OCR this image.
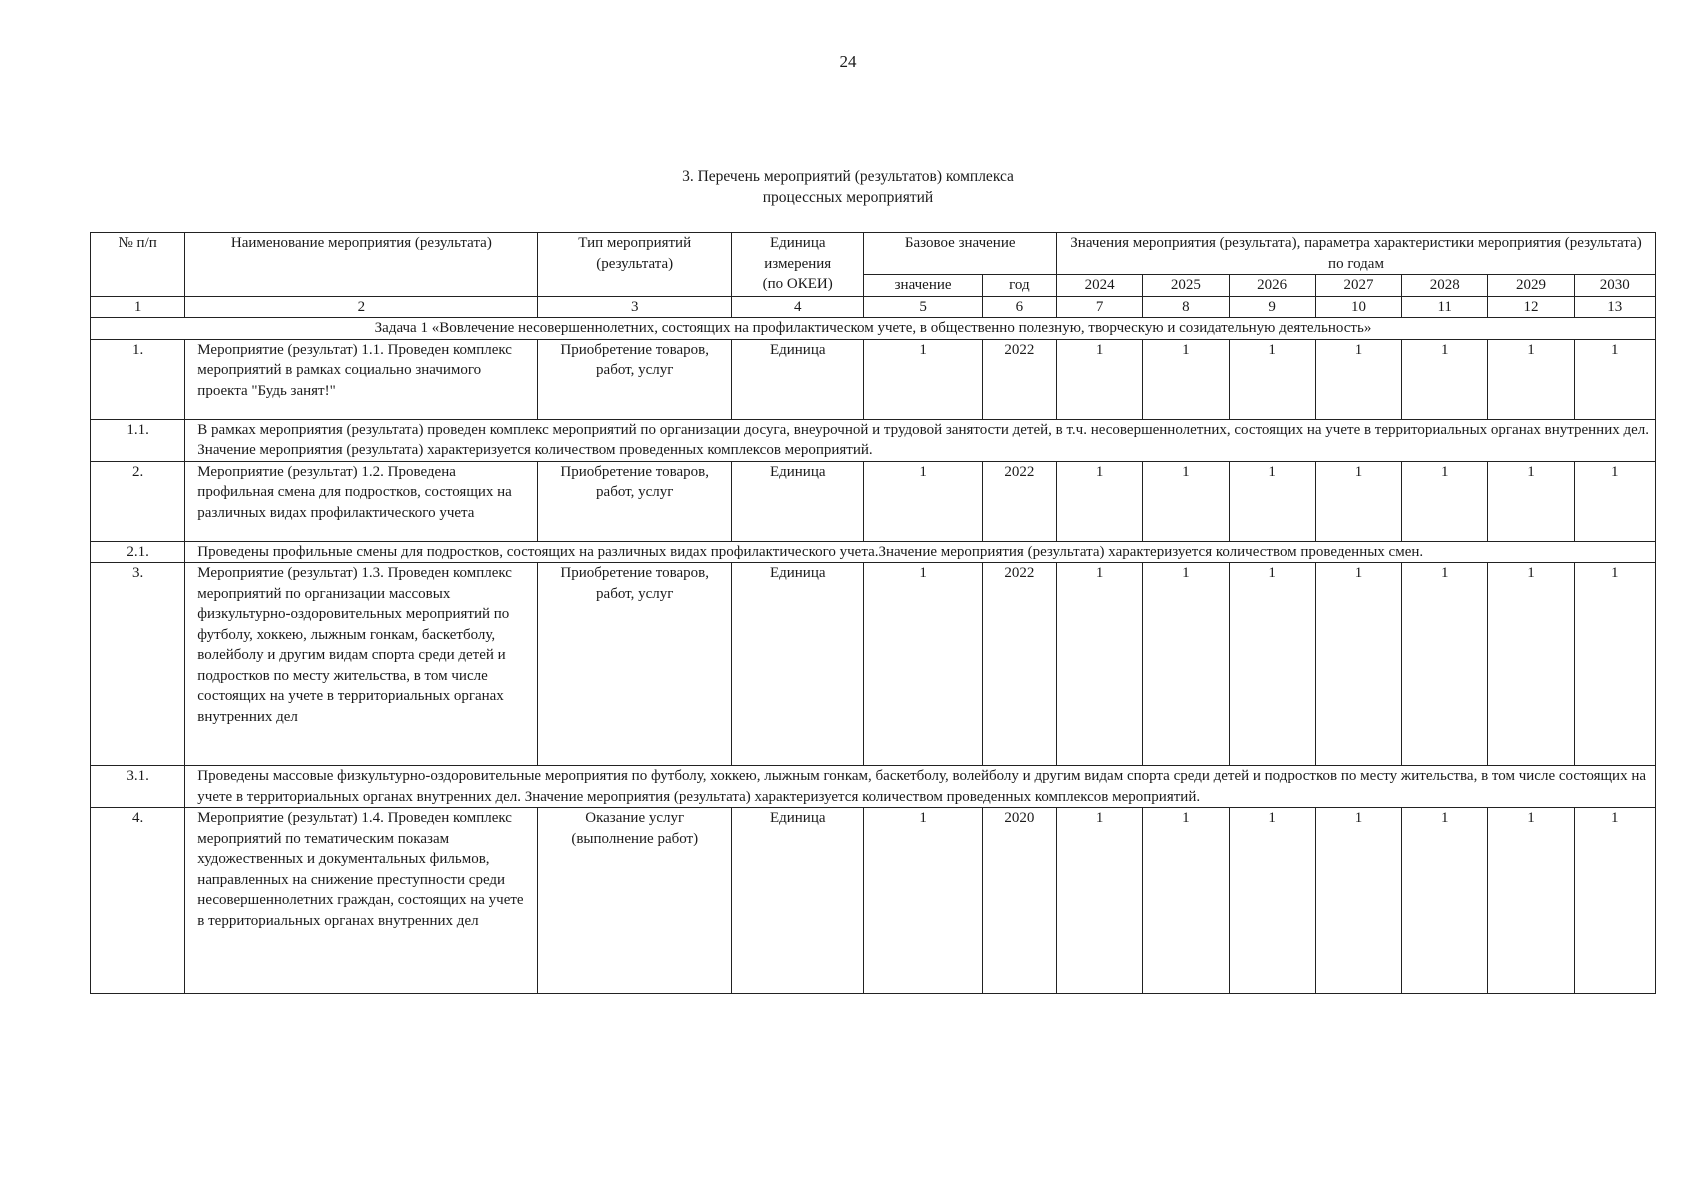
24
3. Перечень мероприятий (результатов) комплекса
процессных мероприятий
№ п/п	Наименование мероприятия (результата)	Тип мероприятий (результата)	Единица
измерения
(по ОКЕИ)	Базовое значение		Значения мероприятия (результата), параметра характеристики мероприятия (результата) по годам						
				значение	год	2024	2025	2026	2027	2028	2029	2030
1	2	3	4	5	6	7	8	9	10	11	12	13
Задача 1 «Вовлечение несовершеннолетних, состоящих на профилактическом учете, в общественно полезную, творческую и созидательную деятельность»												
1.	Мероприятие (результат) 1.1. Проведен комплекс мероприятий в рамках социально значимого проекта "Будь занят!"	Приобретение товаров, работ, услуг	Единица	1	2022	1	1	1	1	1	1	1
1.1.	В рамках мероприятия (результата) проведен комплекс мероприятий по организации досуга, внеурочной и трудовой занятости детей, в т.ч. несовершеннолетних, состоящих на учете в территориальных органах внутренних дел. Значение мероприятия (результата) характеризуется количеством проведенных комплексов мероприятий.											
2.	Мероприятие (результат) 1.2. Проведена профильная смена для подростков, состоящих на различных видах профилактического учета	Приобретение товаров, работ, услуг	Единица	1	2022	1	1	1	1	1	1	1
2.1.	Проведены профильные смены для подростков, состоящих на различных видах профилактического учета.Значение мероприятия (результата) характеризуется количеством проведенных смен.											
3.	Мероприятие (результат) 1.3. Проведен комплекс мероприятий по организации массовых физкультурно-оздоровительных мероприятий по футболу, хоккею, лыжным гонкам, баскетболу, волейболу и другим видам спорта среди детей и подростков по месту жительства, в том числе состоящих на учете в территориальных органах внутренних дел	Приобретение товаров, работ, услуг	Единица	1	2022	1	1	1	1	1	1	1
3.1.	Проведены массовые физкультурно-оздоровительные мероприятия по футболу, хоккею, лыжным гонкам, баскетболу, волейболу и другим видам спорта среди детей и подростков по месту жительства, в том числе состоящих на учете в территориальных органах внутренних дел. Значение мероприятия (результата) характеризуется количеством проведенных комплексов мероприятий.											
4.	Мероприятие (результат) 1.4. Проведен комплекс мероприятий по тематическим показам художественных и документальных фильмов, направленных на снижение преступности среди несовершеннолетних граждан, состоящих на учете в территориальных органах внутренних дел	Оказание услуг (выполнение работ)	Единица	1	2020	1	1	1	1	1	1	1
